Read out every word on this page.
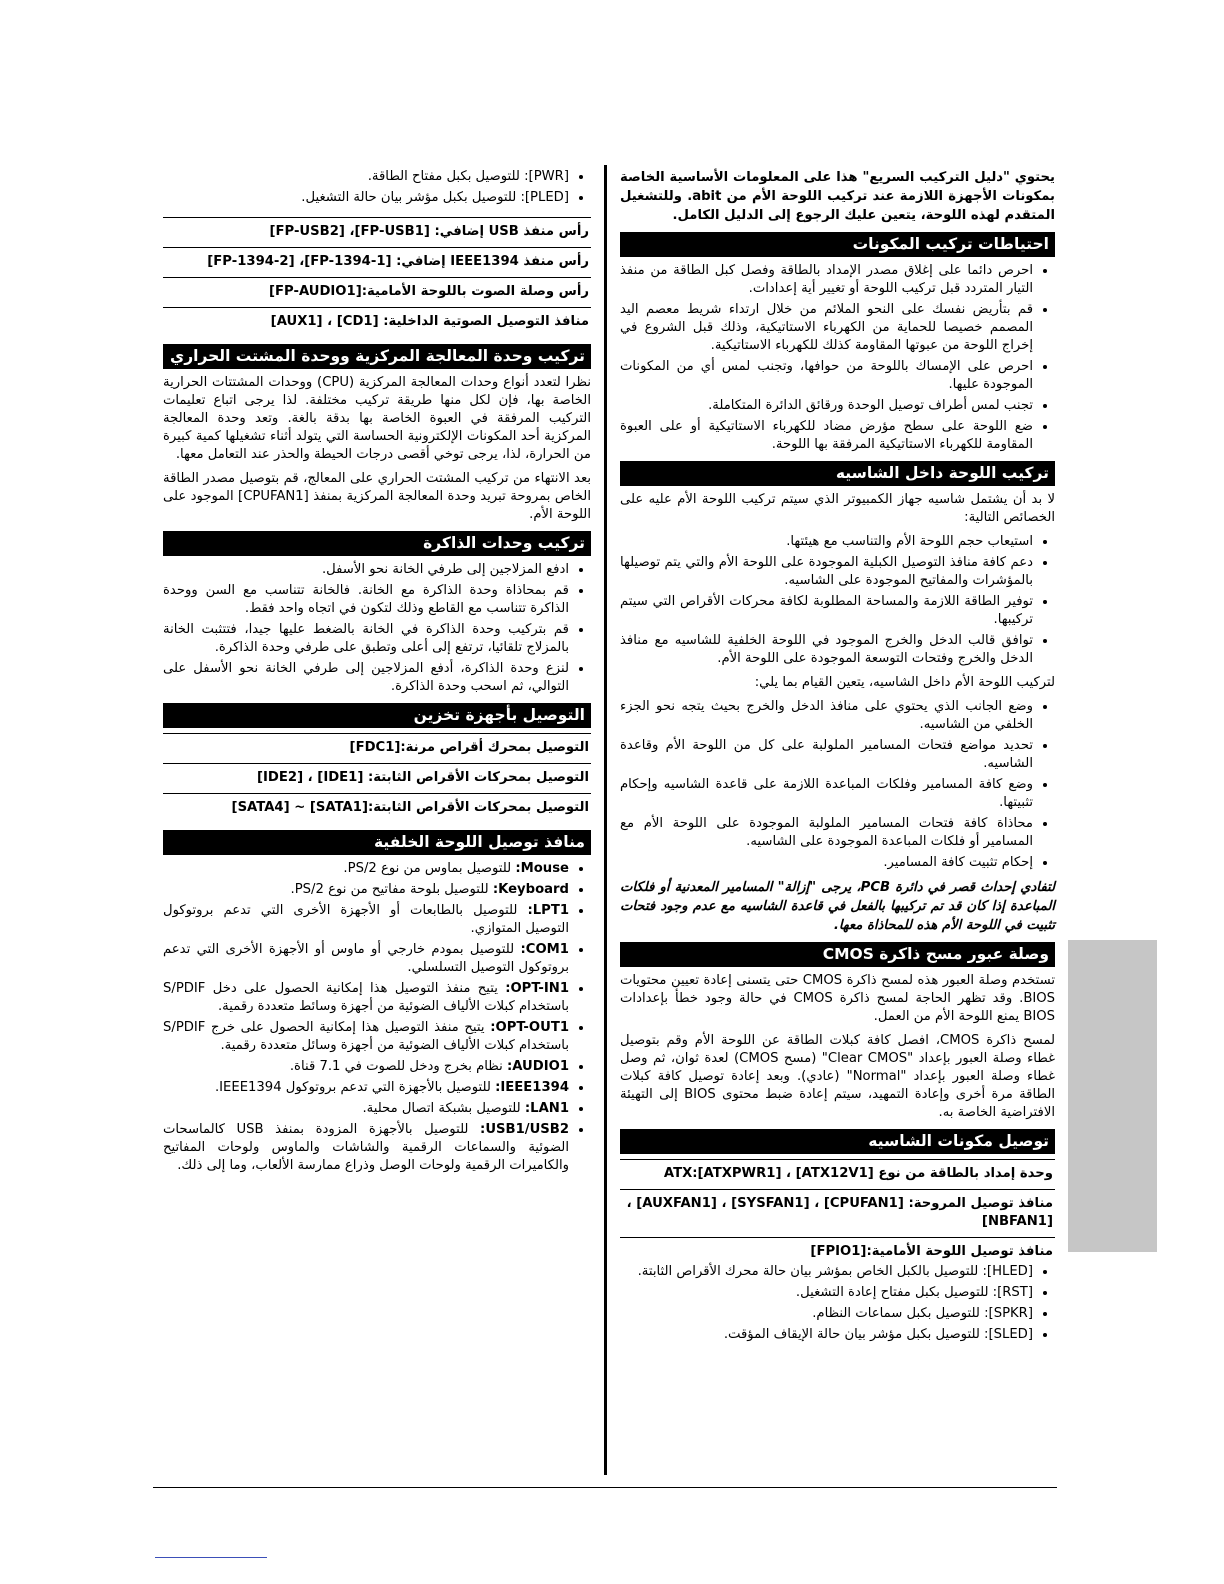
يحتوي "دليل التركيب السريع" هذا على المعلومات الأساسية الخاصة بمكونات الأجهزة اللازمة عند تركيب اللوحة الأم من abit. وللتشغيل المتقدم لهذه اللوحة، يتعين عليك الرجوع إلى الدليل الكامل.

احتياطات تركيب المكونات
• احرص دائما على إغلاق مصدر الإمداد بالطاقة وفصل كبل الطاقة من منفذ التيار المتردد قبل تركيب اللوحة أو تغيير أية إعدادات.
• قم بتأريض نفسك على النحو الملائم من خلال ارتداء شريط معصم اليد المصمم خصيصا للحماية من الكهرباء الاستاتيكية، وذلك قبل الشروع في إخراج اللوحة من عبوتها المقاومة كذلك للكهرباء الاستاتيكية.
• احرص على الإمساك باللوحة من حوافها، وتجنب لمس أي من المكونات الموجودة عليها.
• تجنب لمس أطراف توصيل الوحدة ورقائق الدائرة المتكاملة.
• ضع اللوحة على سطح مؤرض مضاد للكهرباء الاستاتيكية أو على العبوة المقاومة للكهرباء الاستاتيكية المرفقة بها اللوحة.
تركيب اللوحة داخل الشاسيه

لا بد أن يشتمل شاسيه جهاز الكمبيوتر الذي سيتم تركيب اللوحة الأم عليه على الخصائص التالية:

• استيعاب حجم اللوحة الأم والتناسب مع هيئتها.
• دعم كافة منافذ التوصيل الكبلية الموجودة على اللوحة الأم والتي يتم توصيلها بالمؤشرات والمفاتيح الموجودة على الشاسيه.
• توفير الطاقة اللازمة والمساحة المطلوبة لكافة محركات الأقراص التي سيتم تركيبها.
• توافق قالب الدخل والخرج الموجود في اللوحة الخلفية للشاسيه مع منافذ الدخل والخرج وفتحات التوسعة الموجودة على اللوحة الأم.

لتركيب اللوحة الأم داخل الشاسيه، يتعين القيام بما يلي:

• وضع الجانب الذي يحتوي على منافذ الدخل والخرج بحيث يتجه نحو الجزء الخلفي من الشاسيه.
• تحديد مواضع فتحات المسامير الملولبة على كل من اللوحة الأم وقاعدة الشاسيه.
• وضع كافة المسامير وفلكات المباعدة اللازمة على قاعدة الشاسيه وإحكام تثبيتها.
• محاذاة كافة فتحات المسامير الملولبة الموجودة على اللوحة الأم مع المسامير أو فلكات المباعدة الموجودة على الشاسيه.
• إحكام تثبيت كافة المسامير.

لتفادي إحداث قصر في دائرة PCB، يرجى "إزالة" المسامير المعدنية أو فلكات المباعدة إذا كان قد تم تركيبها بالفعل في قاعدة الشاسيه مع عدم وجود فتحات تثبيت في اللوحة الأم هذه للمحاذاة معها.

وصلة عبور مسح ذاكرة CMOS

تستخدم وصلة العبور هذه لمسح ذاكرة CMOS حتى يتسنى إعادة تعيين محتويات BIOS. وقد تظهر الحاجة لمسح ذاكرة CMOS في حالة وجود خطأ بإعدادات BIOS يمنع اللوحة الأم من العمل.

لمسح ذاكرة CMOS، افصل كافة كبلات الطاقة عن اللوحة الأم وقم بتوصيل غطاء وصلة العبور بإعداد "Clear CMOS" (مسح CMOS) لعدة ثوان، ثم وصل غطاء وصلة العبور بإعداد "Normal" (عادي). وبعد إعادة توصيل كافة كبلات الطاقة مرة أخرى وإعادة التمهيد، سيتم إعادة ضبط محتوى BIOS إلى التهيئة الافتراضية الخاصة به.

توصيل مكونات الشاسيه
وحدة إمداد بالطاقة من نوع ATX:[ATXPWR1] ، [ATX12V1]
منافذ توصيل المروحة: [CPUFAN1] ، [SYSFAN1] ، [AUXFAN1] ، [NBFAN1]
منافذ توصيل اللوحة الأمامية:[FPIO1]
• [HLED]: للتوصيل بالكبل الخاص بمؤشر بيان حالة محرك الأقراص الثابتة.
• [RST]: للتوصيل بكبل مفتاح إعادة التشغيل.
• [SPKR]: للتوصيل بكبل سماعات النظام.
• [SLED]: للتوصيل بكبل مؤشر بيان حالة الإيقاف المؤقت.
• [PWR]: للتوصيل بكبل مفتاح الطاقة.
• [PLED]: للتوصيل بكبل مؤشر بيان حالة التشغيل.
رأس منفذ USB إضافي: [FP-USB1]، [FP-USB2]
رأس منفذ IEEE1394 إضافي: [FP-1394-1]، [FP-1394-2]
رأس وصلة الصوت باللوحة الأمامية:[FP-AUDIO1]
منافذ التوصيل الصوتية الداخلية: [CD1] ، [AUX1]
تركيب وحدة المعالجة المركزية ووحدة المشتت الحراري

نظرا لتعدد أنواع وحدات المعالجة المركزية (CPU) ووحدات المشتتات الحرارية الخاصة بها، فإن لكل منها طريقة تركيب مختلفة. لذا يرجى اتباع تعليمات التركيب المرفقة في العبوة الخاصة بها بدقة بالغة. وتعد وحدة المعالجة المركزية أحد المكونات الإلكترونية الحساسة التي يتولد أثناء تشغيلها كمية كبيرة من الحرارة، لذا، يرجى توخي أقصى درجات الحيطة والحذر عند التعامل معها.

بعد الانتهاء من تركيب المشتت الحراري على المعالج، قم بتوصيل مصدر الطاقة الخاص بمروحة تبريد وحدة المعالجة المركزية بمنفذ [CPUFAN1] الموجود على اللوحة الأم.

تركيب وحدات الذاكرة
• ادفع المزلاجين إلى طرفي الخانة نحو الأسفل.
• قم بمحاذاة وحدة الذاكرة مع الخانة. فالخانة تتناسب مع السن ووحدة الذاكرة تتناسب مع القاطع وذلك لتكون في اتجاه واحد فقط.
• قم بتركيب وحدة الذاكرة في الخانة بالضغط عليها جيدا، فتتثبت الخانة بالمزلاج تلقائيا، ترتفع إلى أعلى وتطبق على طرفي وحدة الذاكرة.
• لنزع وحدة الذاكرة، أدفع المزلاجين إلى طرفي الخانة نحو الأسفل على التوالي، ثم اسحب وحدة الذاكرة.
التوصيل بأجهزة تخزين
التوصيل بمحرك أقراص مرنة:[FDC1]
التوصيل بمحركات الأقراص الثابتة: [IDE1] ، [IDE2]
التوصيل بمحركات الأقراص الثابتة:[SATA1] ~ [SATA4]
منافذ توصيل اللوحة الخلفية
• Mouse: للتوصيل بماوس من نوع PS/2.
• Keyboard: للتوصيل بلوحة مفاتيح من نوع PS/2.
• LPT1: للتوصيل بالطابعات أو الأجهزة الأخرى التي تدعم بروتوكول التوصيل المتوازي.
• COM1: للتوصيل بمودم خارجي أو ماوس أو الأجهزة الأخرى التي تدعم بروتوكول التوصيل التسلسلي.
• OPT-IN1: يتيح منفذ التوصيل هذا إمكانية الحصول على دخل S/PDIF باستخدام كبلات الألياف الضوئية من أجهزة وسائط متعددة رقمية.
• OPT-OUT1: يتيح منفذ التوصيل هذا إمكانية الحصول على خرج S/PDIF باستخدام كبلات الألياف الضوئية من أجهزة وسائل متعددة رقمية.
• AUDIO1: نظام بخرج ودخل للصوت في 7.1 قناة.
• IEEE1394: للتوصيل بالأجهزة التي تدعم بروتوكول IEEE1394.
• LAN1: للتوصيل بشبكة اتصال محلية.
• USB1/USB2: للتوصيل بالأجهزة المزودة بمنفذ USB كالماسحات الضوئية والسماعات الرقمية والشاشات والماوس ولوحات المفاتيح والكاميرات الرقمية ولوحات الوصل وذراع ممارسة الألعاب، وما إلى ذلك.
